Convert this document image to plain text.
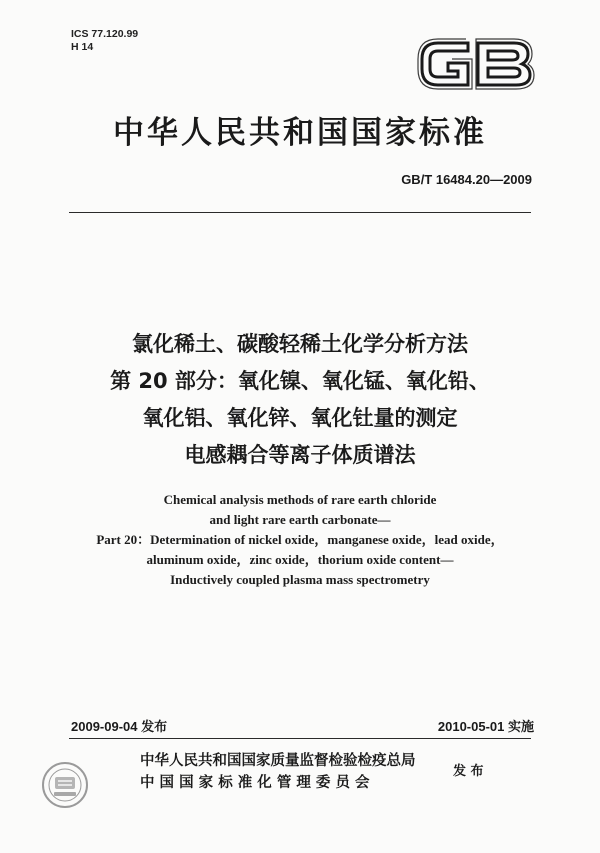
ICS 77.120.99
H 14
中华人民共和国国家标准
GB/T 16484.20—2009
氯化稀土、碳酸轻稀土化学分析方法
第 20 部分：氧化镍、氧化锰、氧化铅、
氧化铝、氧化锌、氧化钍量的测定
电感耦合等离子体质谱法
Chemical analysis methods of rare earth chloride
and light rare earth carbonate—
Part 20：Determination of nickel oxide，manganese oxide，lead oxide，
aluminum oxide，zinc oxide，thorium oxide content—
Inductively coupled plasma mass spectrometry
2009-09-04 发布	2010-05-01 实施
中华人民共和国国家质量监督检验检疫总局
中 国 国 家 标 准 化 管 理 委 员 会
发 布
